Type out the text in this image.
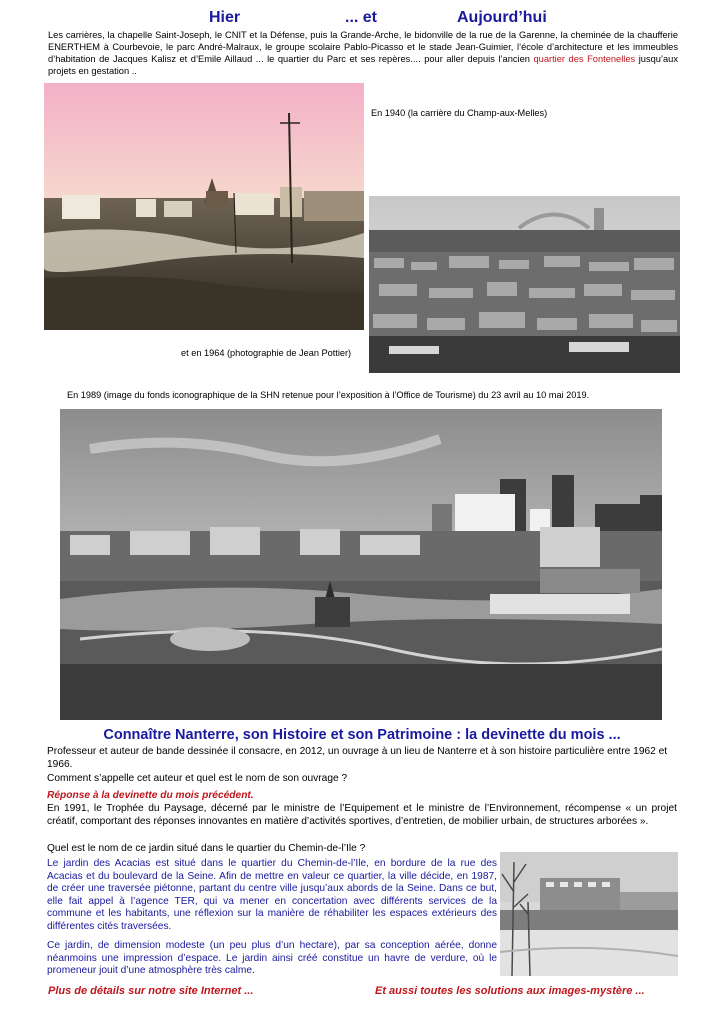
Hier	... et	Aujourd’hui
Les carrières, la chapelle Saint-Joseph, le CNIT et la Défense, puis la Grande-Arche, le bidonville de la rue de la Garenne, la cheminée de la chaufferie ENERTHEM à Courbevoie, le parc André-Malraux, le groupe scolaire Pablo-Picasso et le stade Jean-Guimier, l’école d’architecture et les immeubles d’habitation de Jacques Kalisz et d’Emile Aillaud ... le quartier du Parc et ses repères.... pour aller depuis l’ancien quartier des Fontenelles jusqu’aux projets en gestation ..
En 1940 (la carrière du Champ-aux-Melles)
et en 1964 (photographie de Jean Pottier)
En 1989 (image du fonds iconographique de la SHN retenue pour l’exposition à l’Office de Tourisme) du 23 avril au 10 mai 2019.
Connaître Nanterre, son Histoire et son Patrimoine : la devinette du mois ...
Professeur et auteur de bande dessinée il consacre, en 2012, un ouvrage à un lieu de Nanterre et à son histoire particulière entre 1962 et 1966.
Comment s’appelle cet auteur et quel est le nom de son ouvrage ?
Réponse à la devinette du mois précédent.
En 1991, le Trophée du Paysage, décerné par le ministre de l’Equipement et le ministre de l’Environnement, récompense « un projet créatif, comportant des réponses innovantes en matière d’activités sportives, d’entretien, de mobilier urbain, de structures arborées ».
Quel est le nom de ce jardin situé dans le quartier du Chemin-de-l’Ile ?
Le jardin des Acacias est situé dans le quartier du Chemin-de-l’Ile, en bordure de la rue des Acacias et du boulevard de la Seine. Afin de mettre en valeur ce quartier, la ville décide, en 1987, de créer une traversée piétonne, partant du centre ville jusqu’aux abords de la Seine. Dans ce but, elle fait appel à l’agence TER, qui va mener en concertation avec différents services de la commune et les habitants, une réflexion sur la manière de réhabiliter les espaces extérieurs des différentes cités traversées.
Ce jardin, de dimension modeste (un peu plus d’un hectare), par sa conception aérée, donne néanmoins une impression d’espace. Le jardin ainsi créé constitue un havre de verdure, où le promeneur jouit d’une atmosphère très calme.
Plus de détails sur notre site Internet ...	Et aussi toutes les solutions aux images-mystère ...
